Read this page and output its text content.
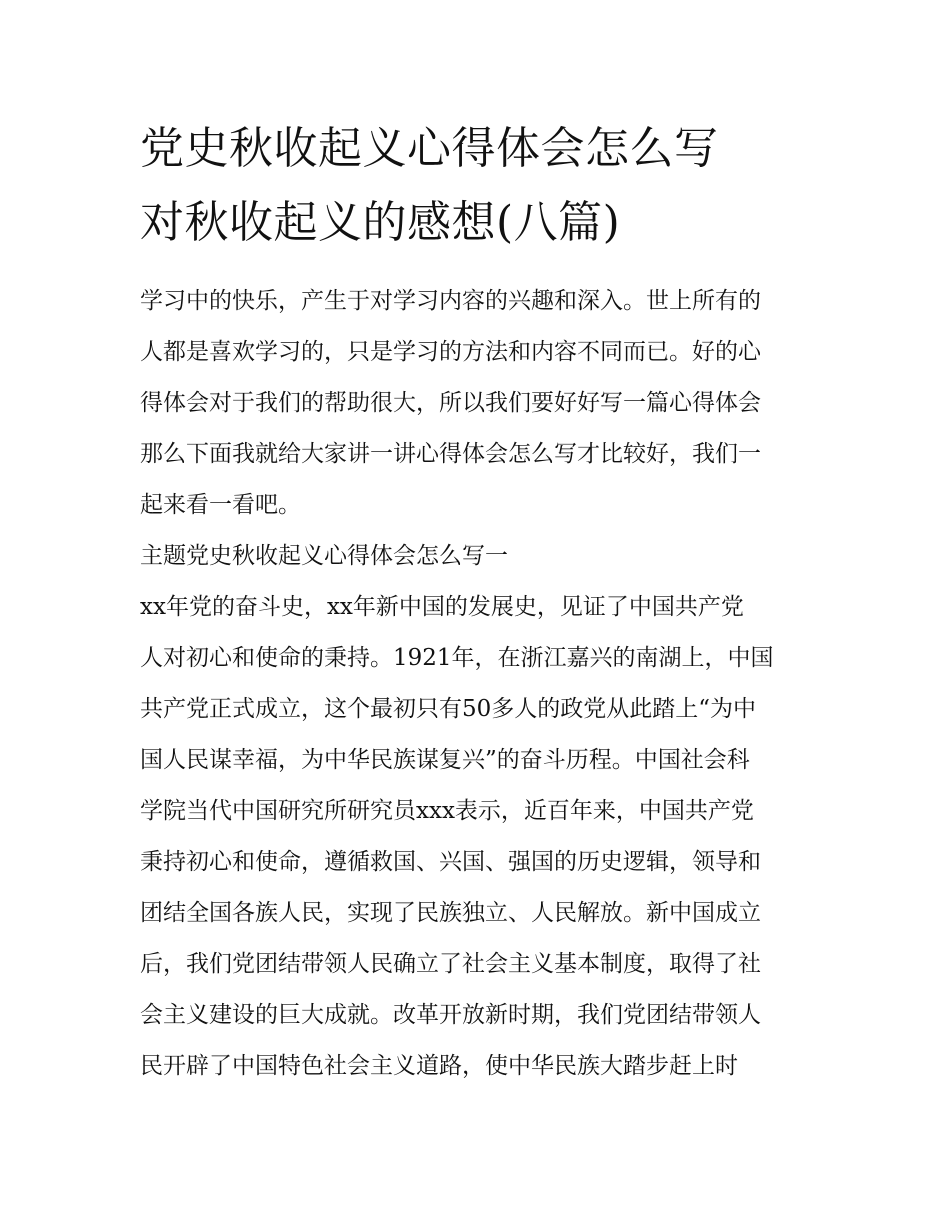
党史秋收起义心得体会怎么写
对秋收起义的感想(八篇)
学习中的快乐，产生于对学习内容的兴趣和深入。世上所有的
人都是喜欢学习的，只是学习的方法和内容不同而已。好的心
得体会对于我们的帮助很大，所以我们要好好写一篇心得体会
那么下面我就给大家讲一讲心得体会怎么写才比较好，我们一
起来看一看吧。
主题党史秋收起义心得体会怎么写一
xx年党的奋斗史，xx年新中国的发展史，见证了中国共产党
人对初心和使命的秉持。1921年，在浙江嘉兴的南湖上，中国
共产党正式成立，这个最初只有50多人的政党从此踏上“为中
国人民谋幸福，为中华民族谋复兴”的奋斗历程。中国社会科
学院当代中国研究所研究员xxx表示，近百年来，中国共产党
秉持初心和使命，遵循救国、兴国、强国的历史逻辑，领导和
团结全国各族人民，实现了民族独立、人民解放。新中国成立
后，我们党团结带领人民确立了社会主义基本制度，取得了社
会主义建设的巨大成就。改革开放新时期，我们党团结带领人
民开辟了中国特色社会主义道路，使中华民族大踏步赶上时
